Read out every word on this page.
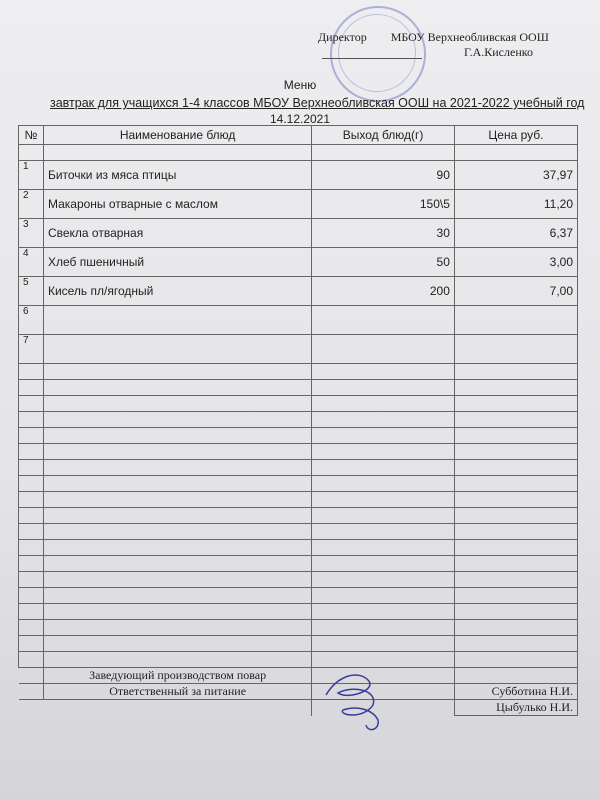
Директор МБОУ Верхнеобливская ООШ
Г.А.Кисленко
Меню
завтрак для учащихся 1-4 классов МБОУ Верхнеобливская ООШ на 2021-2022 учебный год
14.12.2021
№	Наименование блюд	Выход блюд(г)	Цена руб.

1	Биточки из мяса птицы	90	37,97
2	Макароны отварные с маслом	150\5	11,20
3	Свекла отварная	30	6,37
4	Хлеб пшеничный	50	3,00
5	Кисель пл/ягодный	200	7,00
6			
7			

	Заведующий производством повар		
	Ответственный за питание		Субботина Н.И.
			Цыбулько Н.И.
